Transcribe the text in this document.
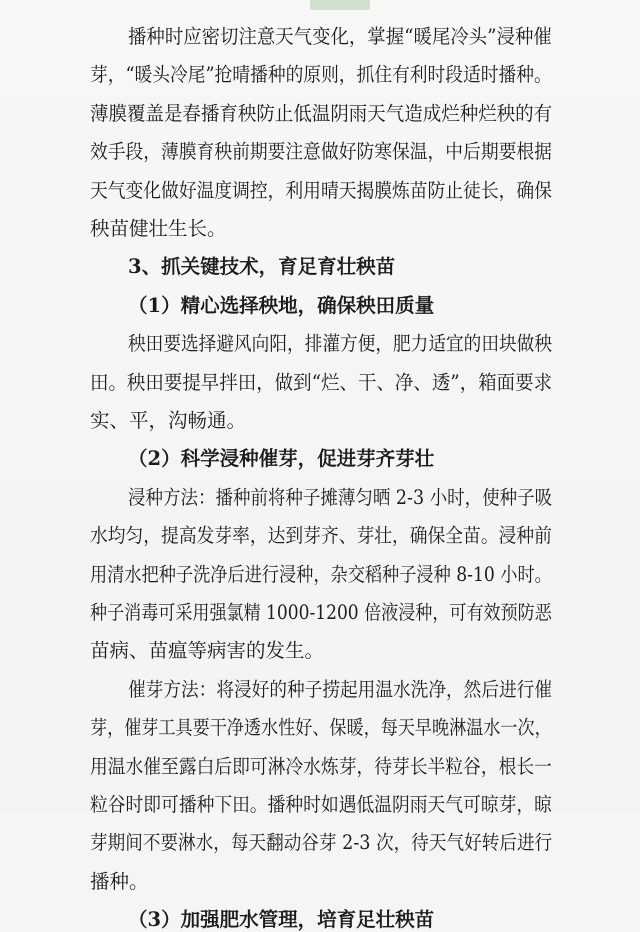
播种时应密切注意天气变化，掌握“暖尾冷头”浸种催
芽，“暖头冷尾”抢晴播种的原则，抓住有利时段适时播种。
薄膜覆盖是春播育秧防止低温阴雨天气造成烂种烂秧的有
效手段，薄膜育秧前期要注意做好防寒保温，中后期要根据
天气变化做好温度调控，利用晴天揭膜炼苗防止徒长，确保
秧苗健壮生长。
3、抓关键技术，育足育壮秧苗
（1）精心选择秧地，确保秧田质量
秧田要选择避风向阳，排灌方便，肥力适宜的田块做秧
田。秧田要提早拌田，做到“烂、干、净、透”，箱面要求
实、平，沟畅通。
（2）科学浸种催芽，促进芽齐芽壮
浸种方法：播种前将种子摊薄匀晒 2-3 小时，使种子吸
水均匀，提高发芽率，达到芽齐、芽壮，确保全苗。浸种前
用清水把种子洗净后进行浸种，杂交稻种子浸种 8-10 小时。
种子消毒可采用强氯精 1000-1200 倍液浸种，可有效预防恶
苗病、苗瘟等病害的发生。
催芽方法：将浸好的种子捞起用温水洗净，然后进行催
芽，催芽工具要干净透水性好、保暖，每天早晚淋温水一次，
用温水催至露白后即可淋冷水炼芽，待芽长半粒谷，根长一
粒谷时即可播种下田。播种时如遇低温阴雨天气可晾芽，晾
芽期间不要淋水，每天翻动谷芽 2-3 次，待天气好转后进行
播种。
（3）加强肥水管理，培育足壮秧苗
